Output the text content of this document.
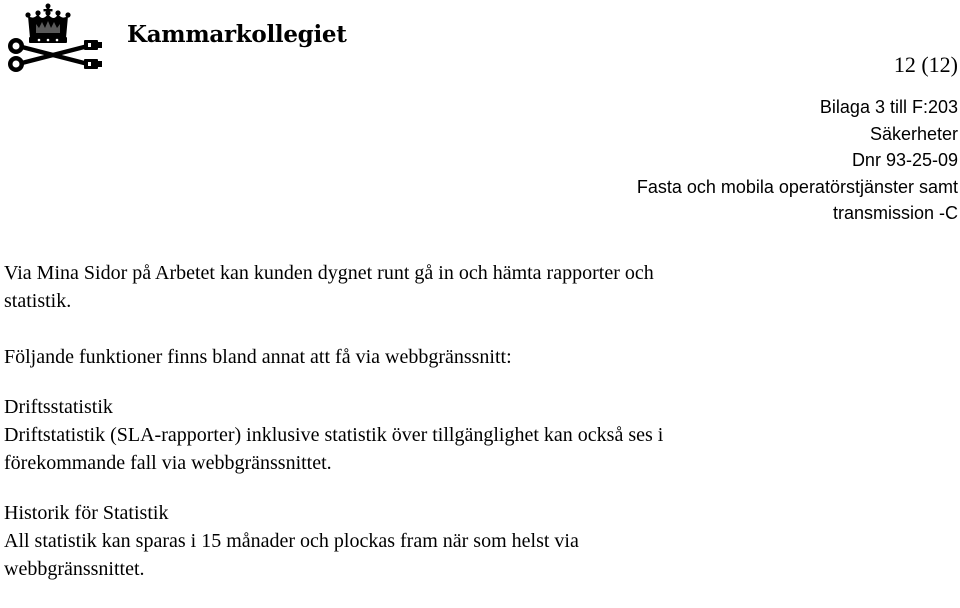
Kammarkollegiet
12 (12)
Bilaga 3 till F:203
Säkerheter
Dnr 93-25-09
Fasta och mobila operatörstjänster samt
transmission -C

Via Mina Sidor på Arbetet kan kunden dygnet runt gå in och hämta rapporter och

statistik.

Följande funktioner finns bland annat att få via webbgränssnitt:

Driftsstatistik

Driftstatistik (SLA-rapporter) inklusive statistik över tillgänglighet kan också ses i

förekommande fall via webbgränssnittet.

Historik för Statistik

All statistik kan sparas i 15 månader och plockas fram när som helst via

webbgränssnittet.
